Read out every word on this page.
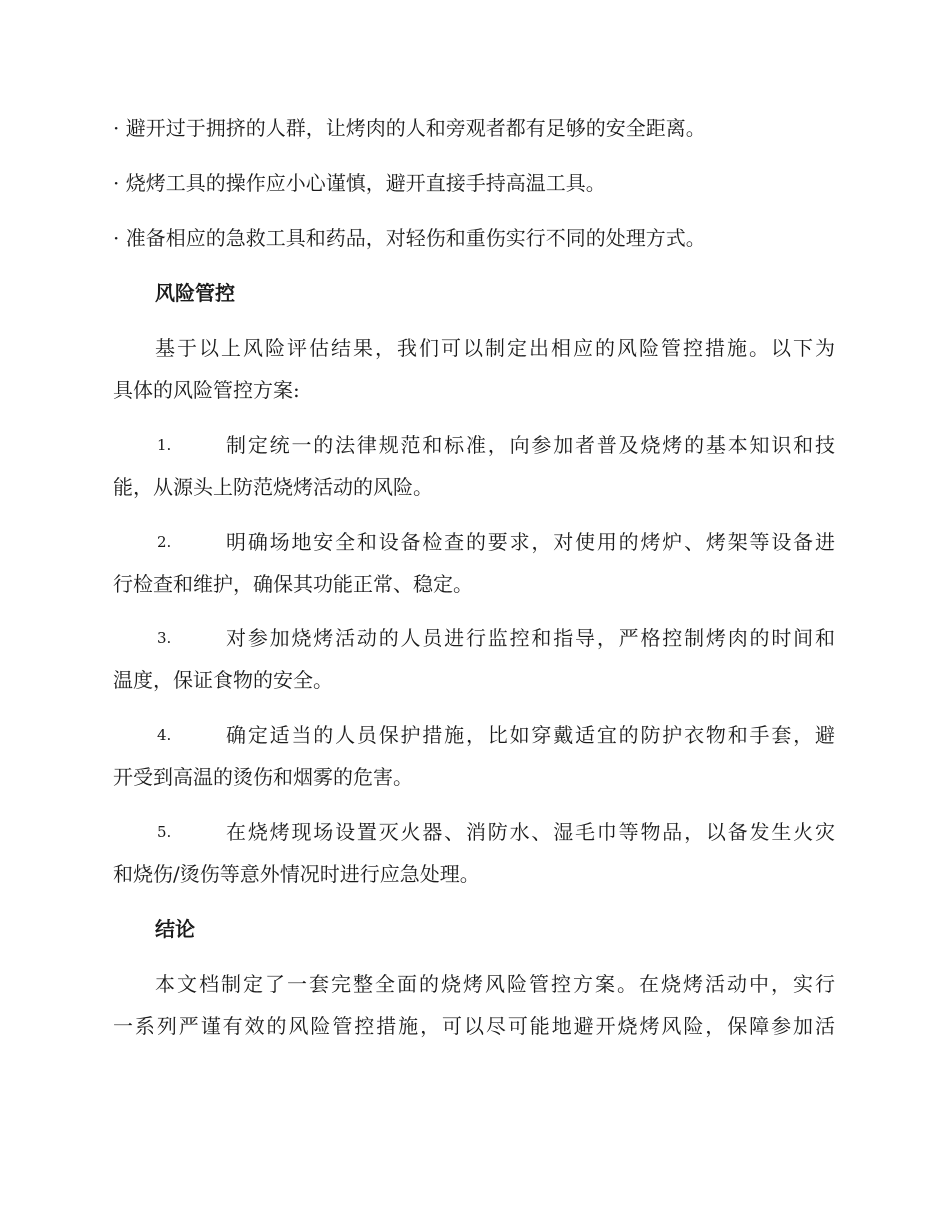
· 避开过于拥挤的人群，让烤肉的人和旁观者都有足够的安全距离。
· 烧烤工具的操作应小心谨慎，避开直接手持高温工具。
· 准备相应的急救工具和药品，对轻伤和重伤实行不同的处理方式。
风险管控
基于以上风险评估结果，我们可以制定出相应的风险管控措施。以下为
具体的风险管控方案:
1.	制定统一的法律规范和标准，向参加者普及烧烤的基本知识和技
能，从源头上防范烧烤活动的风险。
2.	明确场地安全和设备检查的要求，对使用的烤炉、烤架等设备进
行检查和维护，确保其功能正常、稳定。
3.	对参加烧烤活动的人员进行监控和指导，严格控制烤肉的时间和
温度，保证食物的安全。
4.	确定适当的人员保护措施，比如穿戴适宜的防护衣物和手套，避
开受到高温的烫伤和烟雾的危害。
5.	在烧烤现场设置灭火器、消防水、湿毛巾等物品，以备发生火灾
和烧伤/烫伤等意外情况时进行应急处理。
结论
本文档制定了一套完整全面的烧烤风险管控方案。在烧烤活动中，实行
一系列严谨有效的风险管控措施，可以尽可能地避开烧烤风险，保障参加活
